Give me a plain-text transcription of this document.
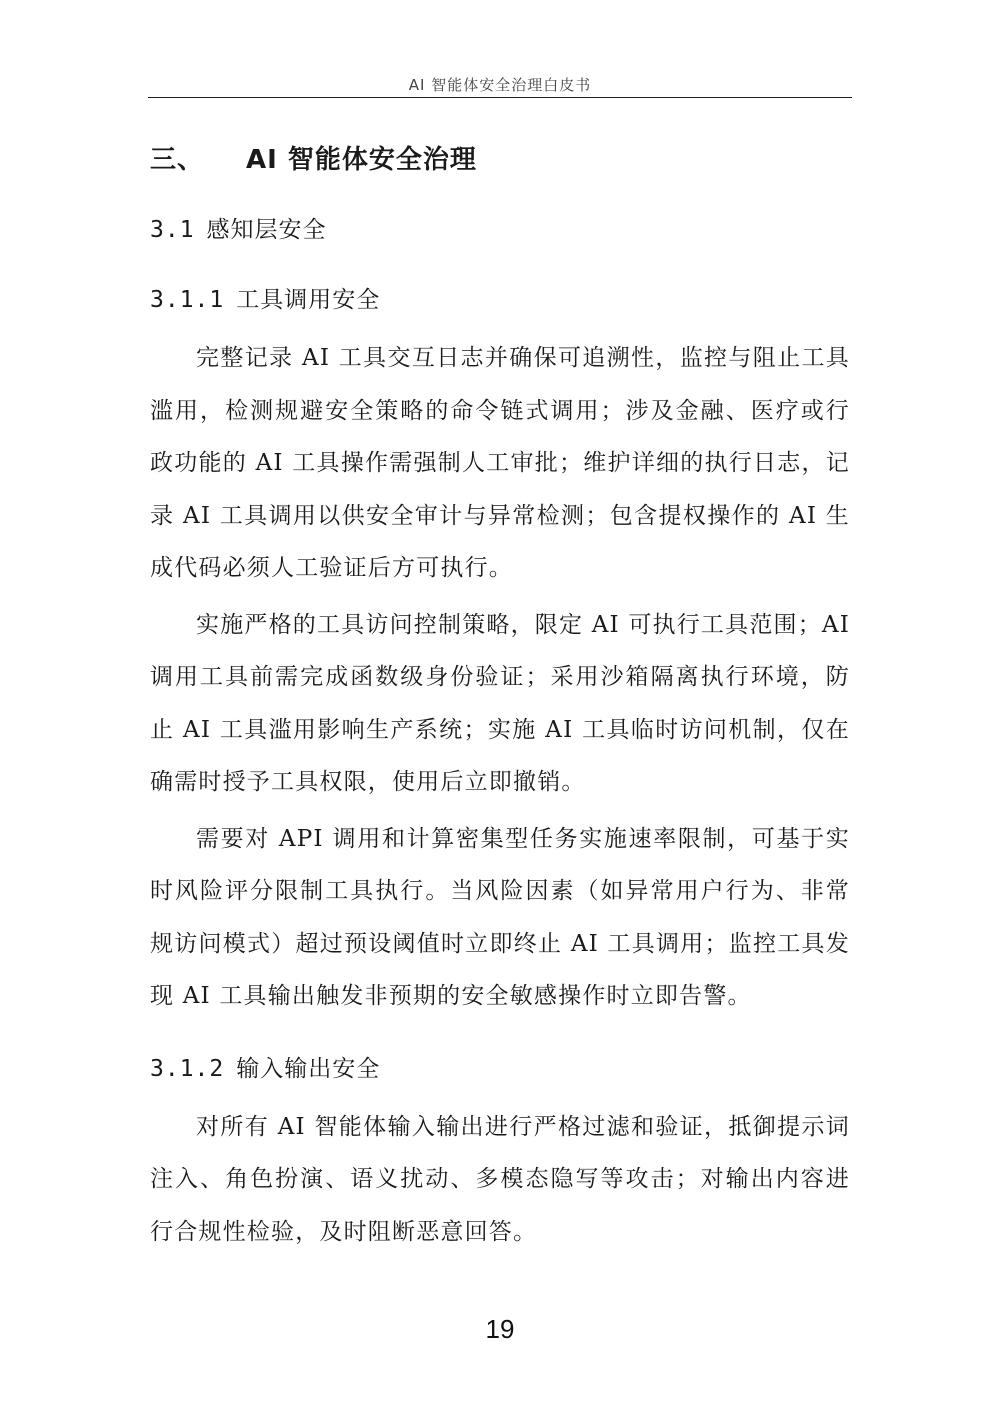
AI 智能体安全治理白皮书
三、 AI 智能体安全治理
3.1 感知层安全
3.1.1 工具调用安全

完整记录 AI 工具交互日志并确保可追溯性，监控与阻止工具滥用，检测规避安全策略的命令链式调用；涉及金融、医疗或行政功能的 AI 工具操作需强制人工审批；维护详细的执行日志，记录 AI 工具调用以供安全审计与异常检测；包含提权操作的 AI 生成代码必须人工验证后方可执行。

实施严格的工具访问控制策略，限定 AI 可执行工具范围；AI 调用工具前需完成函数级身份验证；采用沙箱隔离执行环境，防止 AI 工具滥用影响生产系统；实施 AI 工具临时访问机制，仅在确需时授予工具权限，使用后立即撤销。

需要对 API 调用和计算密集型任务实施速率限制，可基于实时风险评分限制工具执行。当风险因素（如异常用户行为、非常规访问模式）超过预设阈值时立即终止 AI 工具调用；监控工具发现 AI 工具输出触发非预期的安全敏感操作时立即告警。

3.1.2 输入输出安全

对所有 AI 智能体输入输出进行严格过滤和验证，抵御提示词注入、角色扮演、语义扰动、多模态隐写等攻击；对输出内容进行合规性检验，及时阻断恶意回答。

19
